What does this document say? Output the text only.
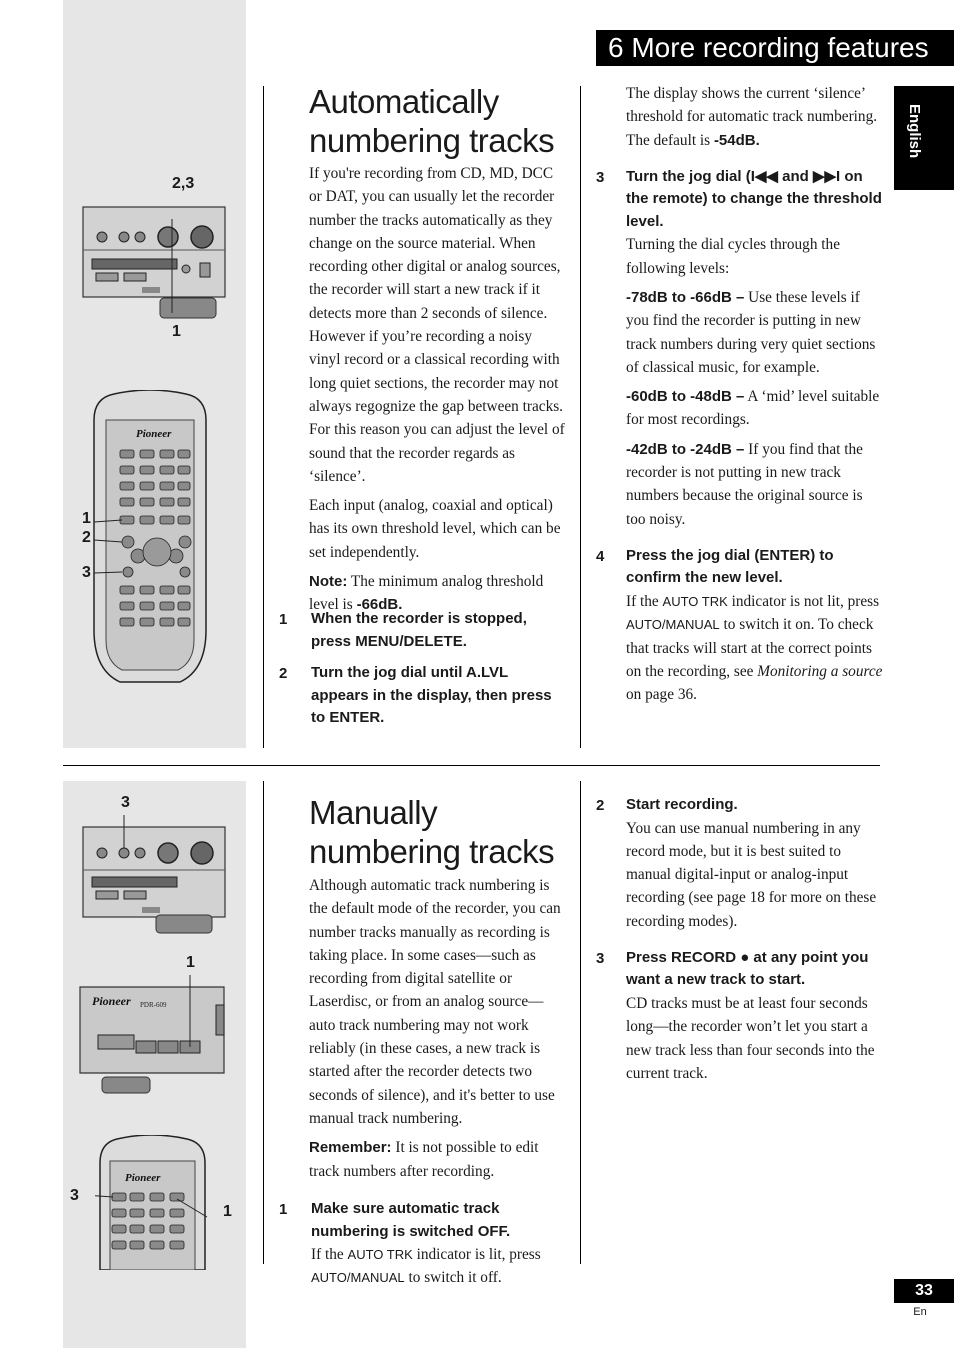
6 More recording features
English
33
En
2,3
1
Pioneer
1
2
3
3
1
Pioneer PDR-609
Pioneer
3
1
Automatically
numbering tracks

If you're recording from CD, MD, DCC or DAT, you can usually let the recorder number the tracks automatically as they change on the source material. When recording other digital or analog sources, the recorder will start a new track if it detects more than 2 seconds of silence. However if you’re recording a noisy vinyl record or a classical recording with long quiet sections, the recorder may not always regognize the gap between tracks. For this reason you can adjust the level of sound that the recorder regards as ‘silence’.

Each input (analog, coaxial and optical) has its own threshold level, which can be set independently.

Note: The minimum analog threshold level is -66dB.

1 When the recorder is stopped, press MENU/DELETE.
2 Turn the jog dial until A.LVL appears in the display, then press to ENTER.
The display shows the current ‘silence’ threshold for automatic track numbering. The default is -54dB.
3 Turn the jog dial (I◀◀ and ▶▶I on the remote) to change the threshold level.
Turning the dial cycles through the following levels:
-78dB to -66dB – Use these levels if you find the recorder is putting in new track numbers during very quiet sections of classical music, for example.
-60dB to -48dB – A ‘mid’ level suitable for most recordings.
-42dB to -24dB – If you find that the recorder is not putting in new track numbers because the original source is too noisy.
4 Press the jog dial (ENTER) to confirm the new level.
If the AUTO TRK indicator is not lit, press AUTO/MANUAL to switch it on. To check that tracks will start at the correct points on the recording, see Monitoring a source on page 36.
Manually
numbering tracks

Although automatic track numbering is the default mode of the recorder, you can number tracks manually as recording is taking place. In some cases—such as recording from digital satellite or Laserdisc, or from an analog source—auto track numbering may not work reliably (in these cases, a new track is started after the recorder detects two seconds of silence), and it's better to use manual track numbering.

Remember: It is not possible to edit track numbers after recording.

1 Make sure automatic track numbering is switched OFF.
If the AUTO TRK indicator is lit, press AUTO/MANUAL to switch it off.
2 Start recording.
You can use manual numbering in any record mode, but it is best suited to manual digital-input or analog-input recording (see page 18 for more on these recording modes).
3 Press RECORD ● at any point you want a new track to start.
CD tracks must be at least four seconds long—the recorder won’t let you start a new track less than four seconds into the current track.
